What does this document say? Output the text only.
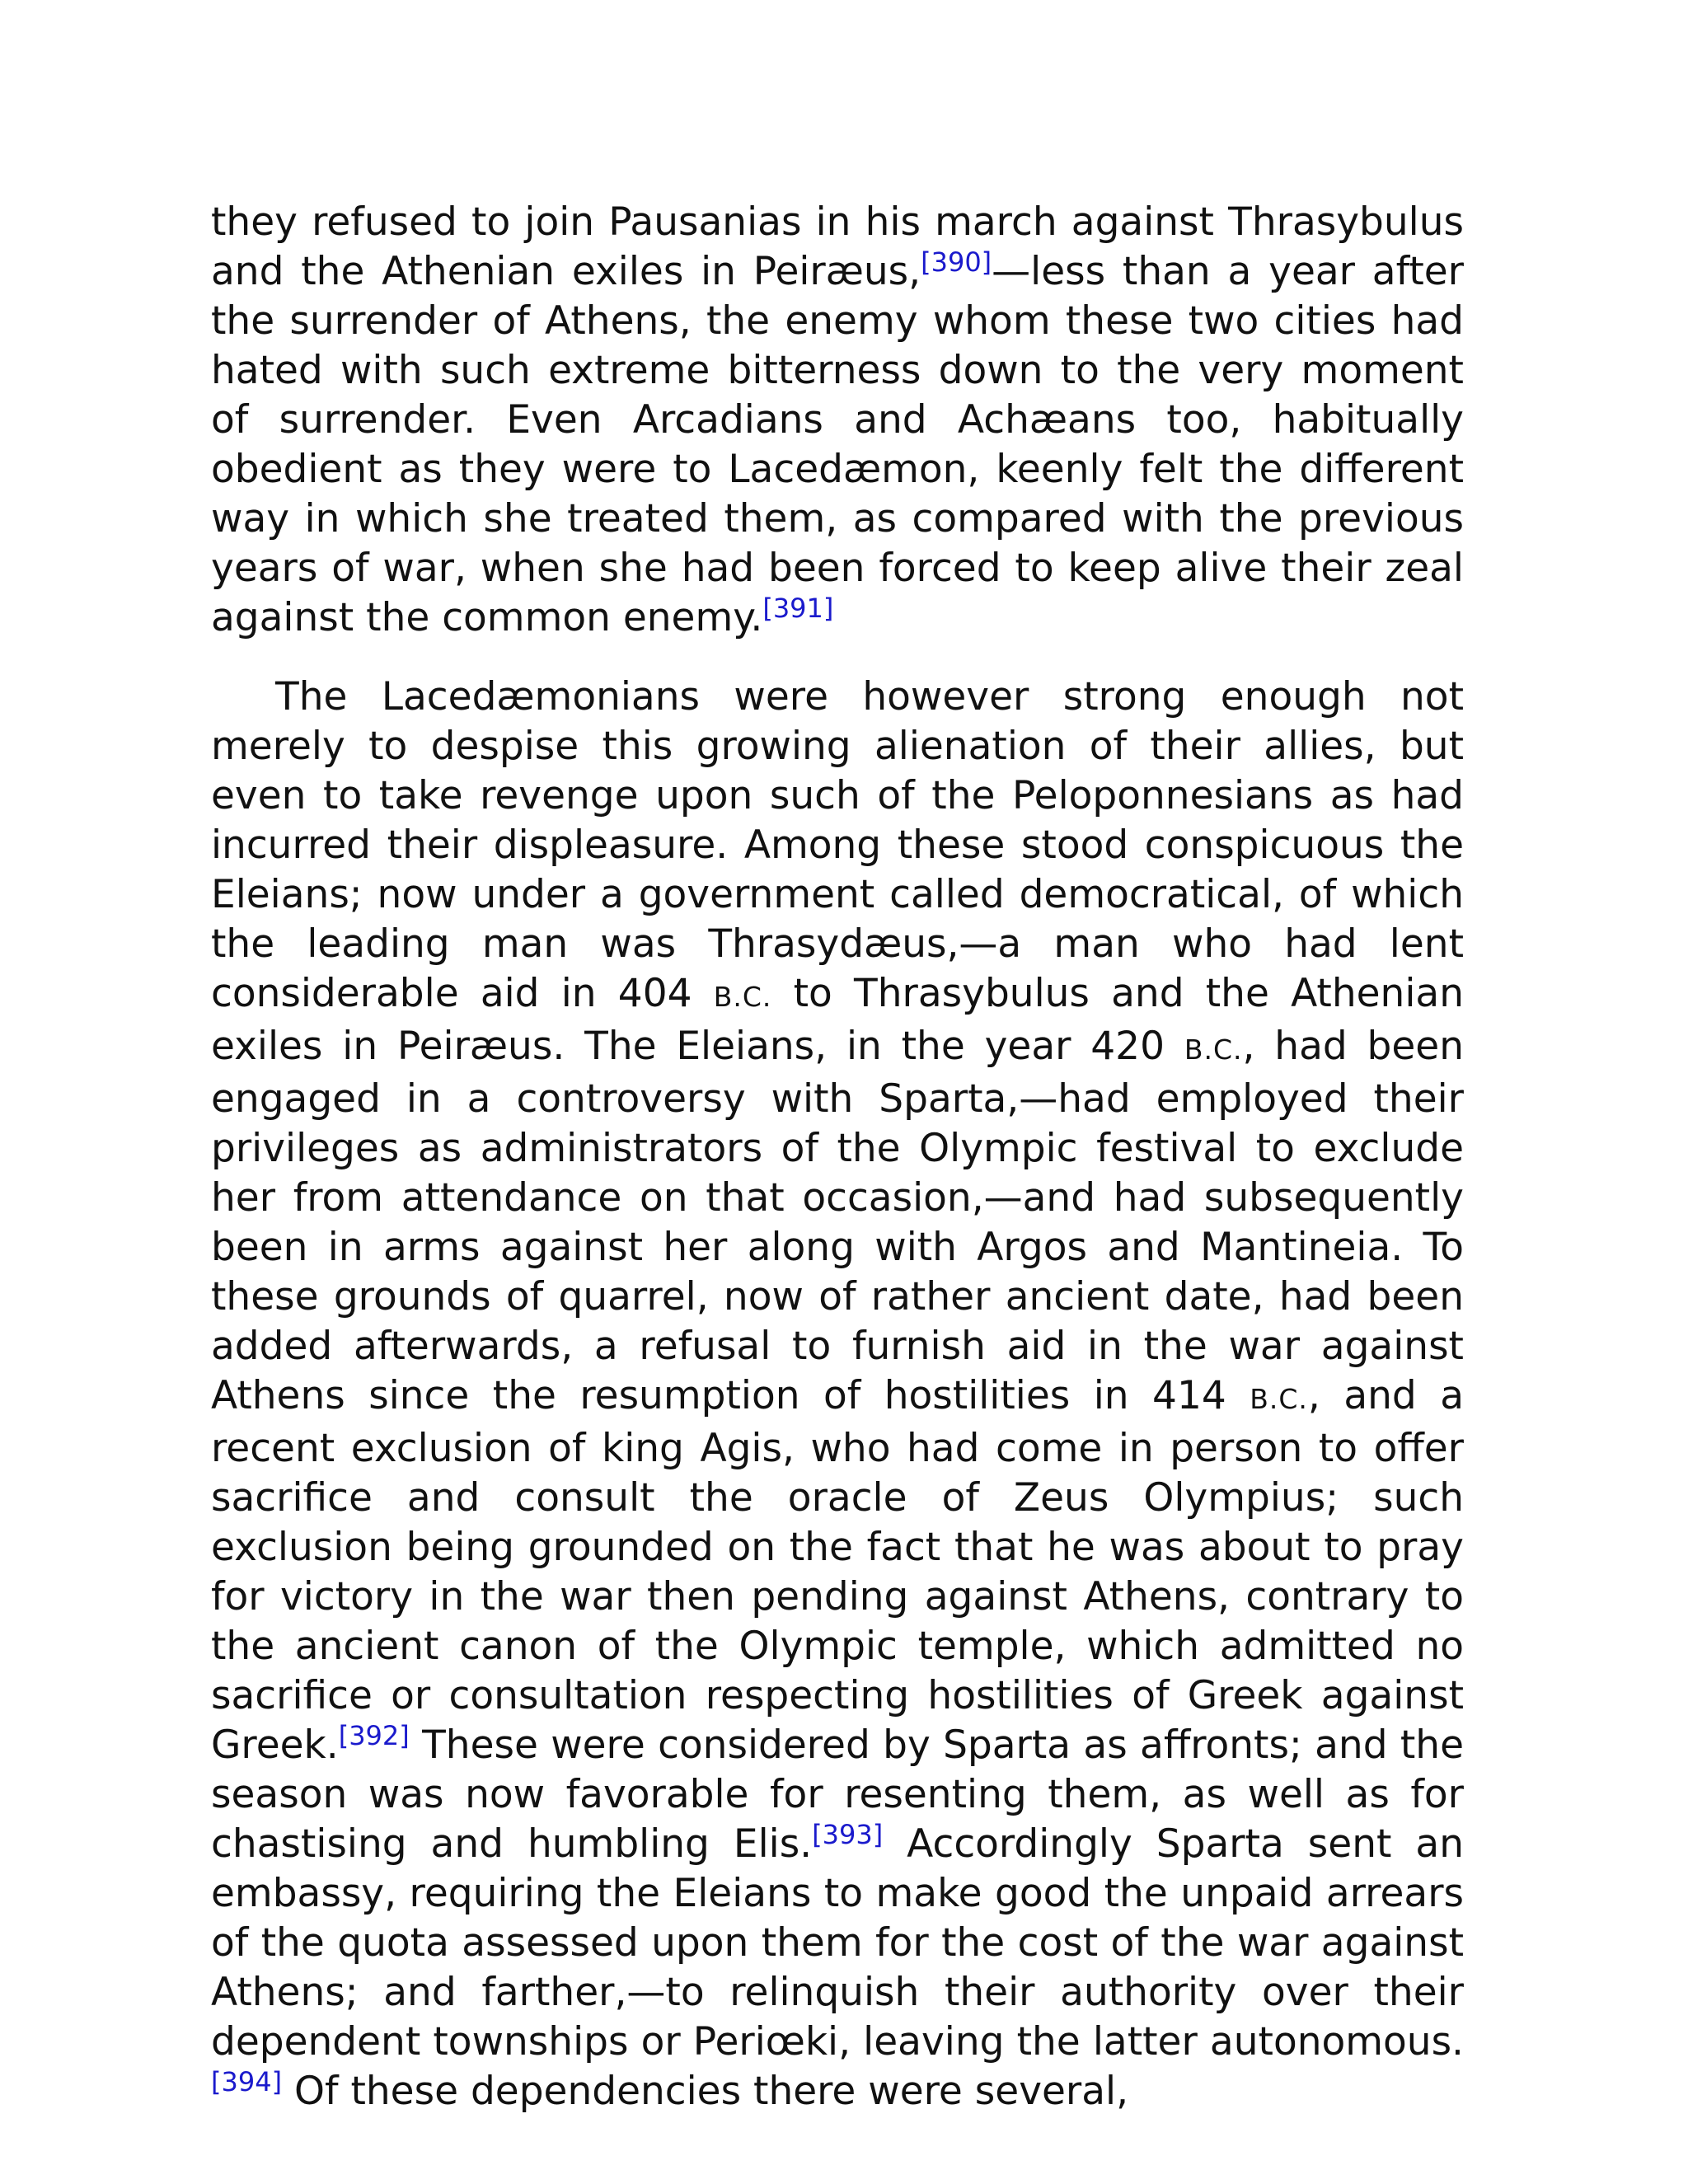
they refused to join Pausanias in his march against Thrasybulus and the Athenian exiles in Peiræus,[390]—less than a year after the surrender of Athens, the enemy whom these two cities had hated with such extreme bitterness down to the very moment of surrender. Even Arcadians and Achæans too, habitually obedient as they were to Lacedæmon, keenly felt the different way in which she treated them, as compared with the previous years of war, when she had been forced to keep alive their zeal against the common enemy.[391]

The Lacedæmonians were however strong enough not merely to despise this growing alienation of their allies, but even to take revenge upon such of the Peloponnesians as had incurred their displeasure. Among these stood conspicuous the Eleians; now under a government called democratical, of which the leading man was Thrasydæus,—a man who had lent considerable aid in 404 B.C. to Thrasybulus and the Athenian exiles in Peiræus. The Eleians, in the year 420 B.C., had been engaged in a controversy with Sparta,—had employed their privileges as administrators of the Olympic festival to exclude her from attendance on that occasion,—and had subsequently been in arms against her along with Argos and Mantineia. To these grounds of quarrel, now of rather ancient date, had been added afterwards, a refusal to furnish aid in the war against Athens since the resumption of hostilities in 414 B.C., and a recent exclusion of king Agis, who had come in person to offer sacrifice and consult the oracle of Zeus Olympius; such exclusion being grounded on the fact that he was about to pray for victory in the war then pending against Athens, contrary to the ancient canon of the Olympic temple, which admitted no sacrifice or consultation respecting hostilities of Greek against Greek.[392] These were considered by Sparta as affronts; and the season was now favorable for resenting them, as well as for chastising and humbling Elis.[393] Accordingly Sparta sent an embassy, requiring the Eleians to make good the unpaid arrears of the quota assessed upon them for the cost of the war against Athens; and farther,—to relinquish their authority over their dependent townships or Periœki, leaving the latter autonomous.[394] Of these dependencies there were several,
